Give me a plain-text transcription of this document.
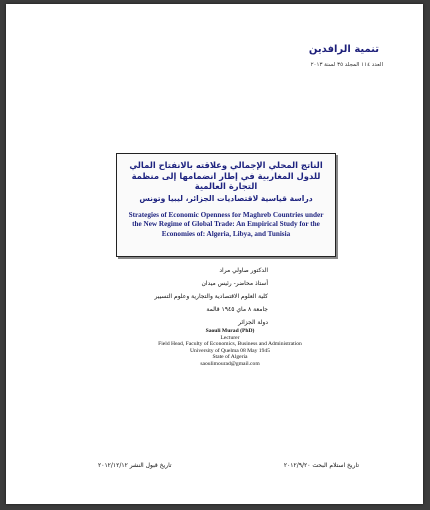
تنمية الرافدين
العدد ١١٤ المجلد ٣٥ لسنة ٢٠١٣
الناتج المحلي الإجمالي وعلاقته بالانفتاح المالي للدول المغاربية في إطار انضمامها إلى منظمة التجارة العالمية
دراسة قياسية لاقتصاديات الجزائر، ليبيا وتونس
Strategies of Economic Openness for Maghreb Countries under the New Regime of Global Trade: An Empirical Study for the Economies of: Algeria, Libya, and Tunisia
الدكتور صاولي مراد
أستاذ محاضر- رئيس ميدان
كلية العلوم الاقتصادية والتجارية وعلوم التسيير
جامعة ٨ ماي ١٩٤٥ قالمة
دولة الجزائر
Saouli Murad (PhD)
Lecturer
Field Head, Faculty of Economics, Business and Administration
University of Quelma 08 May 1945
State of Algeria
saoulimourad@gmail.com
تاريخ قبول النشر ٢٠١٢/١٢/١٢	تاريخ استلام البحث ٢٠١٢/٩/٢٠
